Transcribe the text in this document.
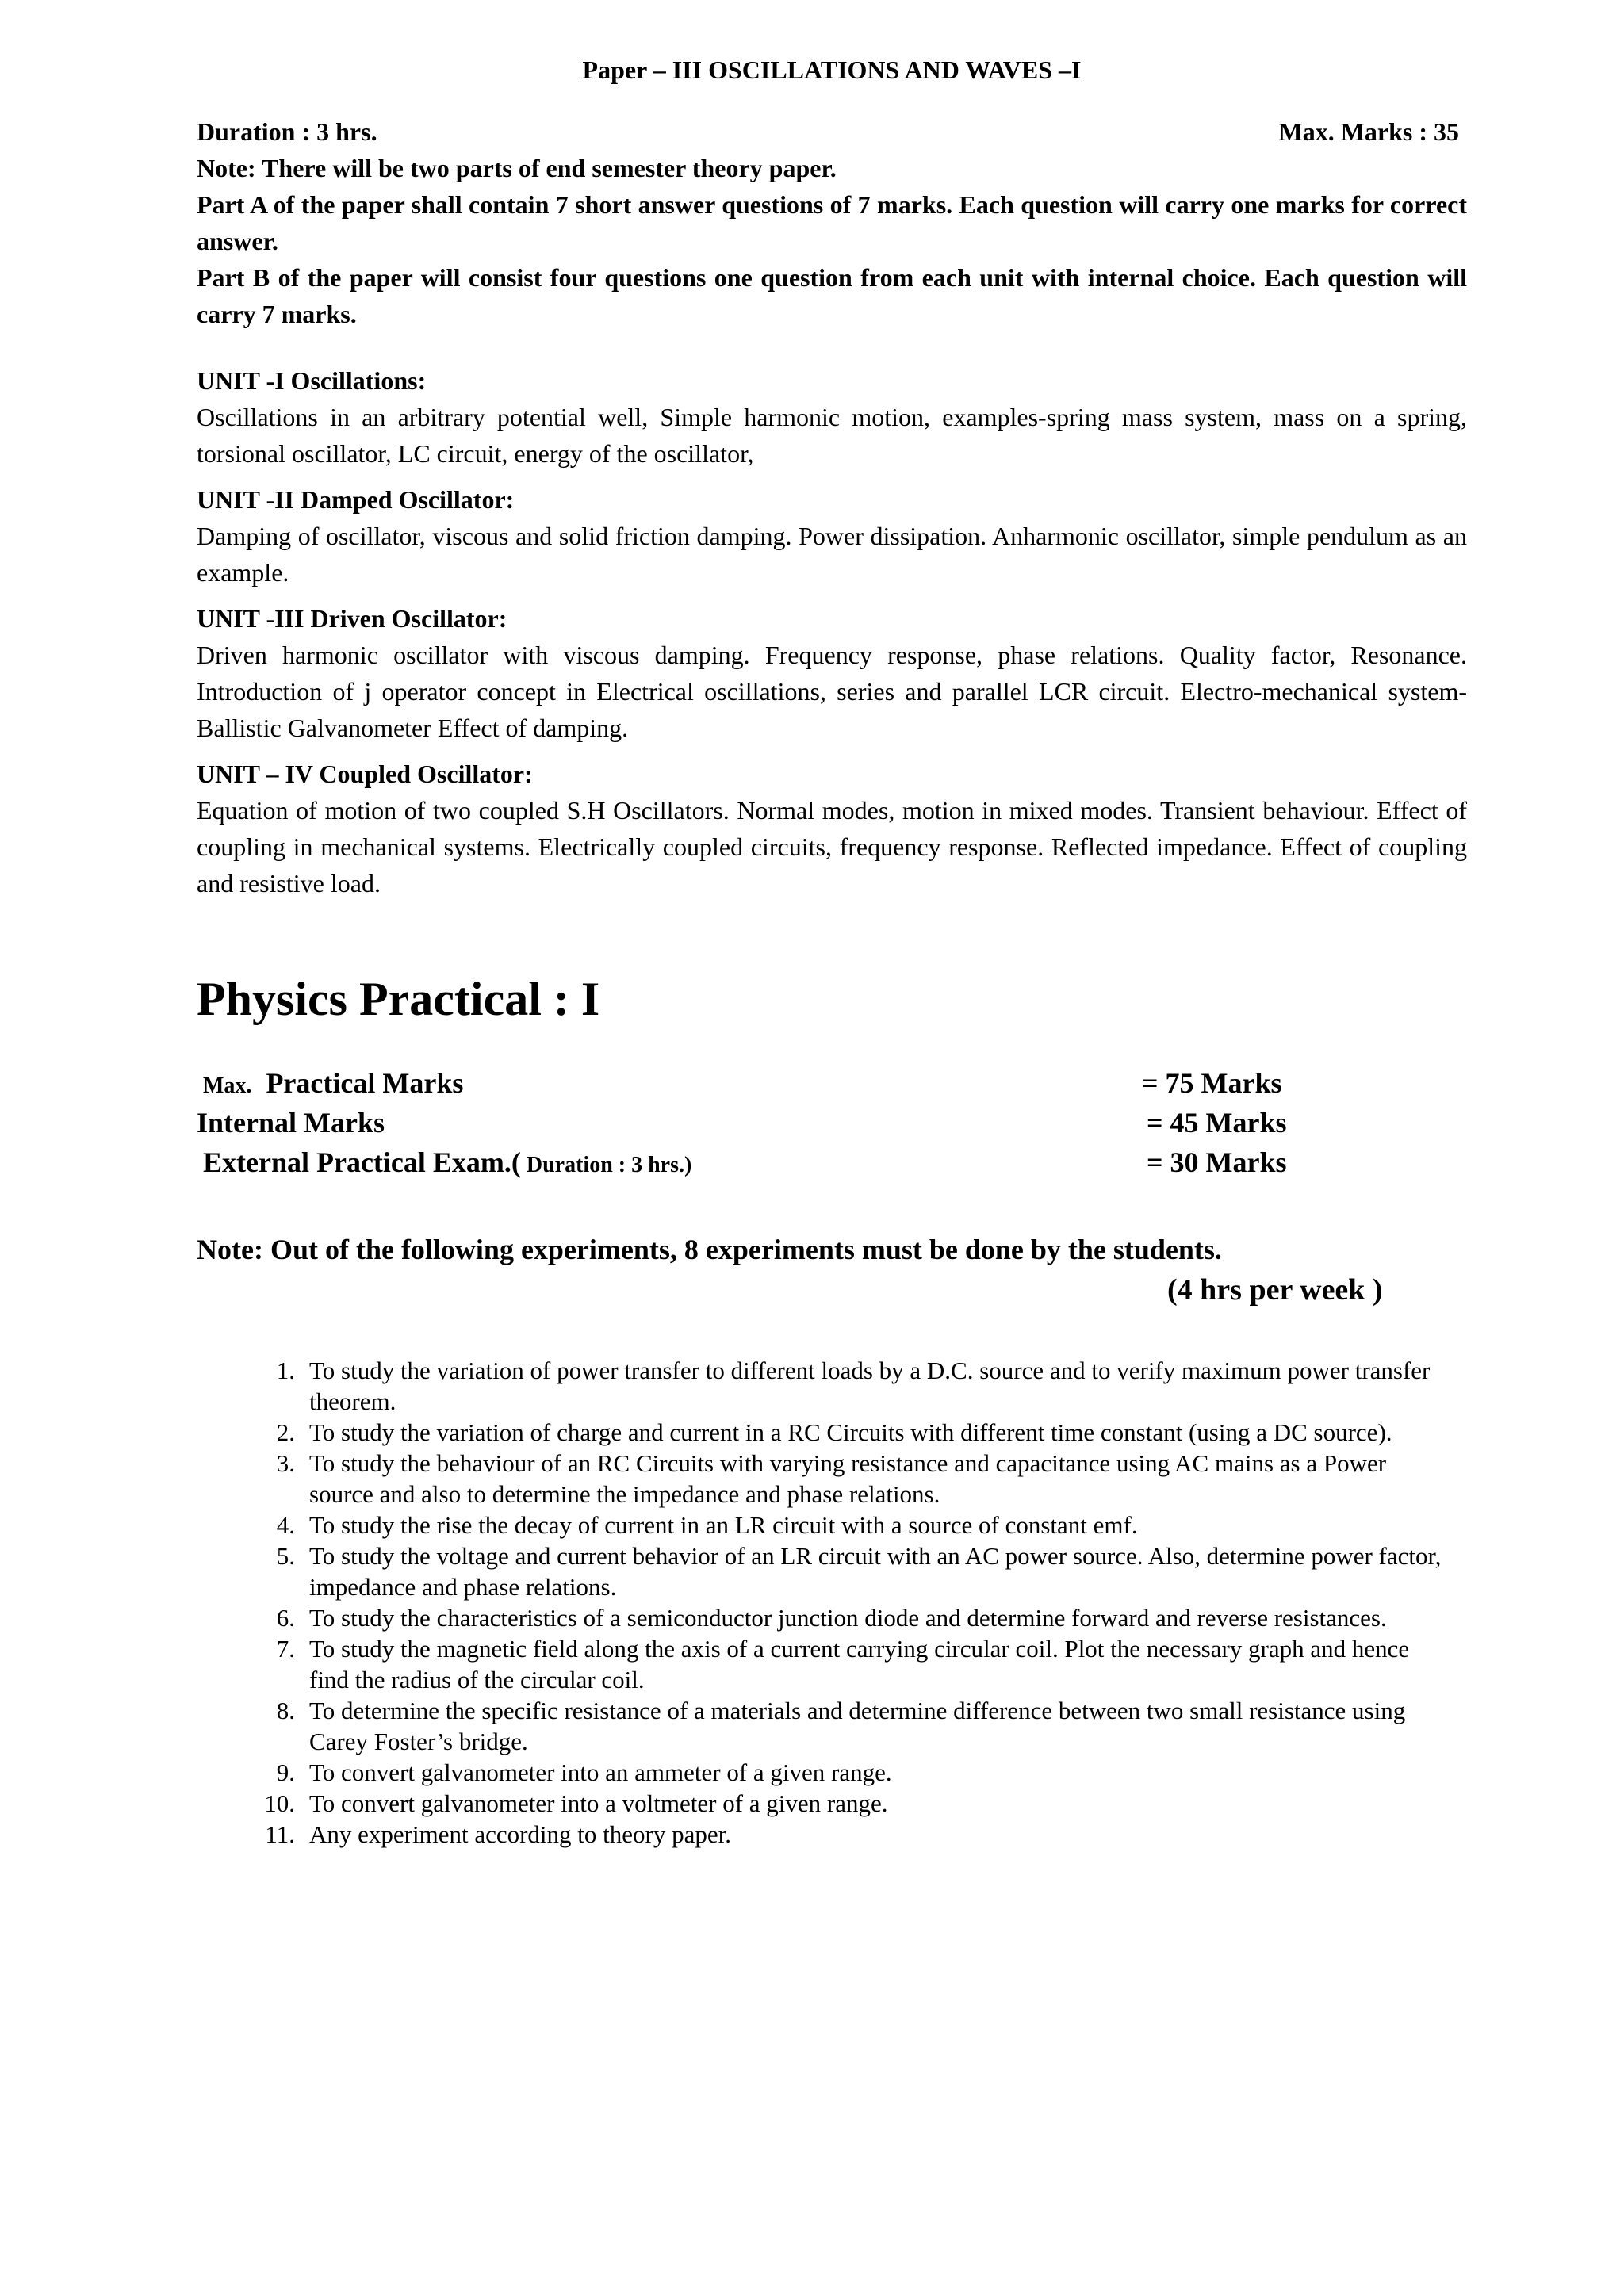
Paper – III OSCILLATIONS AND WAVES –I
Duration : 3 hrs.	Max. Marks : 35

Note: There will be two parts of end semester theory paper.

Part A of the paper shall contain 7 short answer questions of 7 marks. Each question will carry one marks for correct answer.

Part B of the paper will consist four questions one question from each unit with internal choice. Each question will carry 7 marks.

UNIT -I Oscillations:

Oscillations in an arbitrary potential well, Simple harmonic motion, examples-spring mass system, mass on a spring, torsional oscillator, LC circuit, energy of the oscillator,

UNIT -II Damped Oscillator:

Damping of oscillator, viscous and solid friction damping. Power dissipation. Anharmonic oscillator, simple pendulum as an example.

UNIT -III Driven Oscillator:

Driven harmonic oscillator with viscous damping. Frequency response, phase relations. Quality factor, Resonance. Introduction of j operator concept in Electrical oscillations, series and parallel LCR circuit. Electro-mechanical system-Ballistic Galvanometer Effect of damping.

UNIT – IV Coupled Oscillator:

Equation of motion of two coupled S.H Oscillators. Normal modes, motion in mixed modes. Transient behaviour. Effect of coupling in mechanical systems. Electrically coupled circuits, frequency response. Reflected impedance. Effect of coupling and resistive load.

Physics Practical : I
Max. Practical Marks	= 75 Marks
Internal Marks	= 45 Marks
External Practical Exam.( Duration : 3 hrs.)	= 30 Marks

Note: Out of the following experiments, 8 experiments must be done by the students.

(4 hrs per week )

1. To study the variation of power transfer to different loads by a D.C. source and to verify maximum power transfer theorem.
2. To study the variation of charge and current in a RC Circuits with different time constant (using a DC source).
3. To study the behaviour of an RC Circuits with varying resistance and capacitance using AC mains as a Power source and also to determine the impedance and phase relations.
4. To study the rise the decay of current in an LR circuit with a source of constant emf.
5. To study the voltage and current behavior of an LR circuit with an AC power source. Also, determine power factor, impedance and phase relations.
6. To study the characteristics of a semiconductor junction diode and determine forward and reverse resistances.
7. To study the magnetic field along the axis of a current carrying circular coil. Plot the necessary graph and hence find the radius of the circular coil.
8. To determine the specific resistance of a materials and determine difference between two small resistance using Carey Foster’s bridge.
9. To convert galvanometer into an ammeter of a given range.
10. To convert galvanometer into a voltmeter of a given range.
11. Any experiment according to theory paper.
